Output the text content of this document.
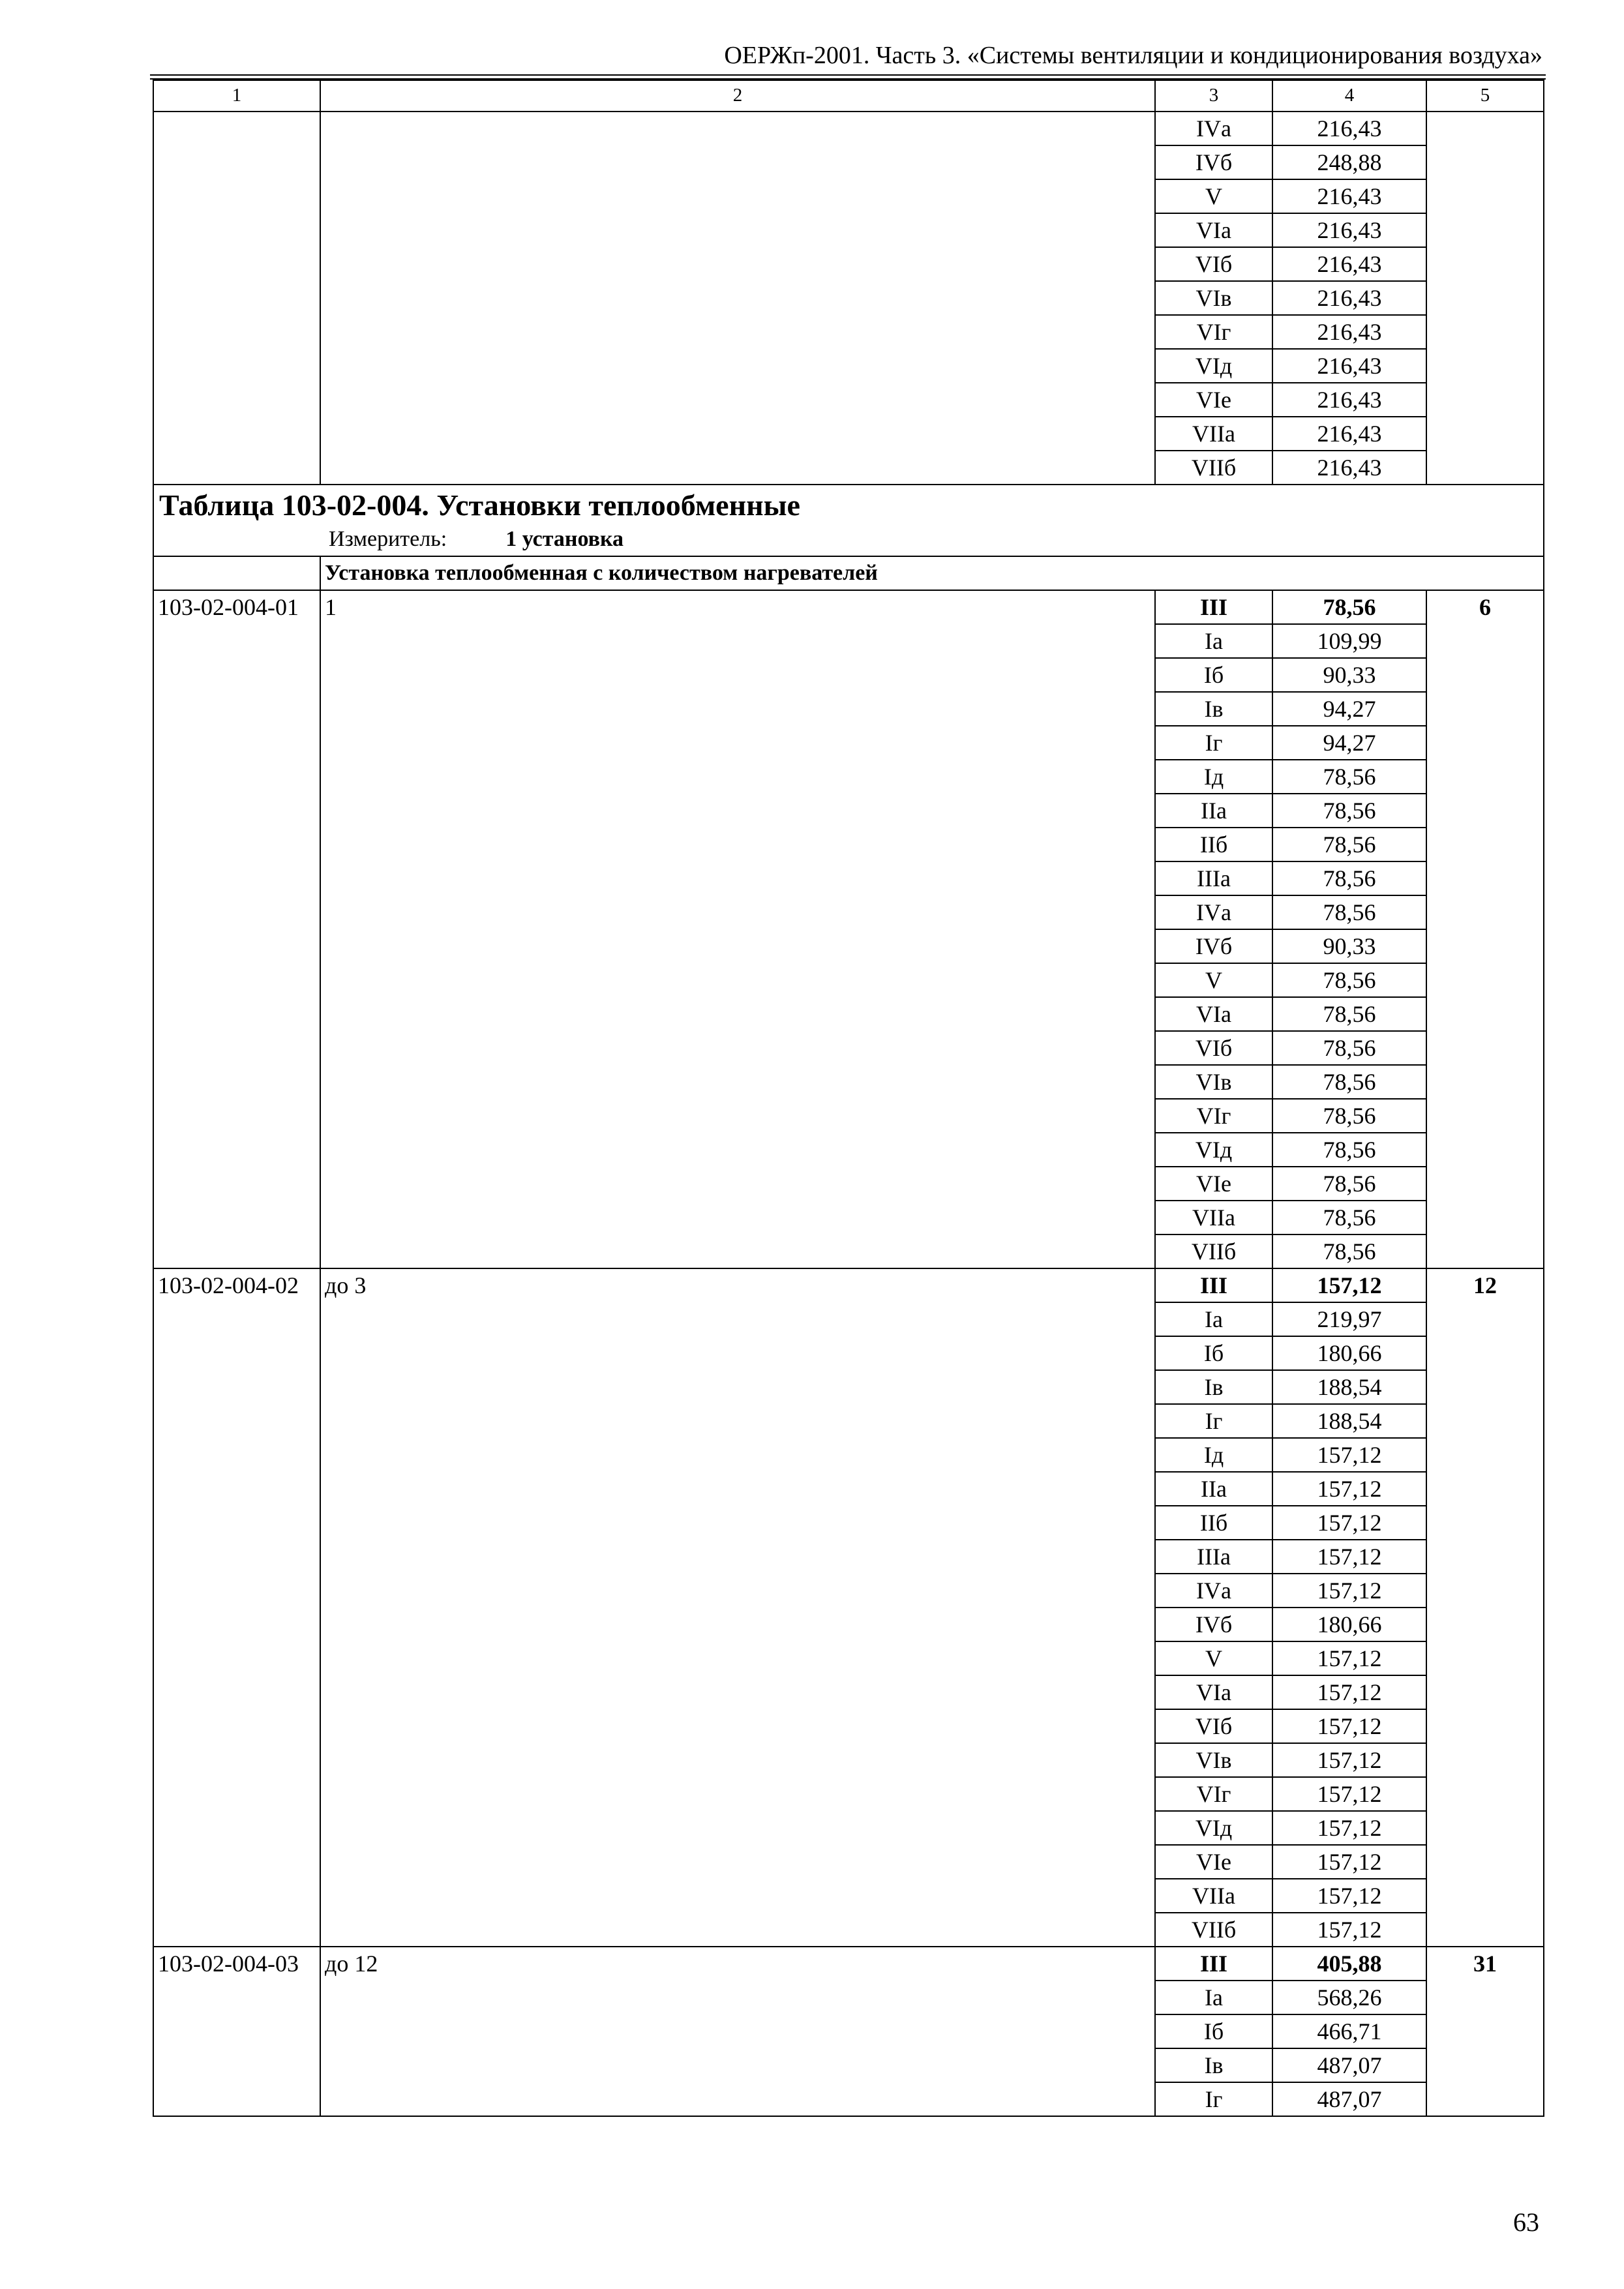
ОЕРЖп-2001. Часть 3. «Системы вентиляции и кондиционирования воздуха»
1	2	3	4	5
		IVа	216,43	
		IVб	248,88	
		V	216,43	
		VIа	216,43	
		VIб	216,43	
		VIв	216,43	
		VIг	216,43	
		VIд	216,43	
		VIе	216,43	
		VIIа	216,43	
		VIIб	216,43	

Таблица 103-02-004. Установки теплообменные
Измеритель: 1 установка				

	Установка теплообменная с количеством нагревателей			
103-02-004-01	1	III	78,56	6
		Iа	109,99	
		Iб	90,33	
		Iв	94,27	
		Iг	94,27	
		Iд	78,56	
		IIа	78,56	
		IIб	78,56	
		IIIа	78,56	
		IVа	78,56	
		IVб	90,33	
		V	78,56	
		VIа	78,56	
		VIб	78,56	
		VIв	78,56	
		VIг	78,56	
		VIд	78,56	
		VIе	78,56	
		VIIа	78,56	
		VIIб	78,56	
103-02-004-02	до 3	III	157,12	12
		Iа	219,97	
		Iб	180,66	
		Iв	188,54	
		Iг	188,54	
		Iд	157,12	
		IIа	157,12	
		IIб	157,12	
		IIIа	157,12	
		IVа	157,12	
		IVб	180,66	
		V	157,12	
		VIа	157,12	
		VIб	157,12	
		VIв	157,12	
		VIг	157,12	
		VIд	157,12	
		VIе	157,12	
		VIIа	157,12	
		VIIб	157,12	
103-02-004-03	до 12	III	405,88	31
		Iа	568,26	
		Iб	466,71	
		Iв	487,07	
		Iг	487,07	
63
